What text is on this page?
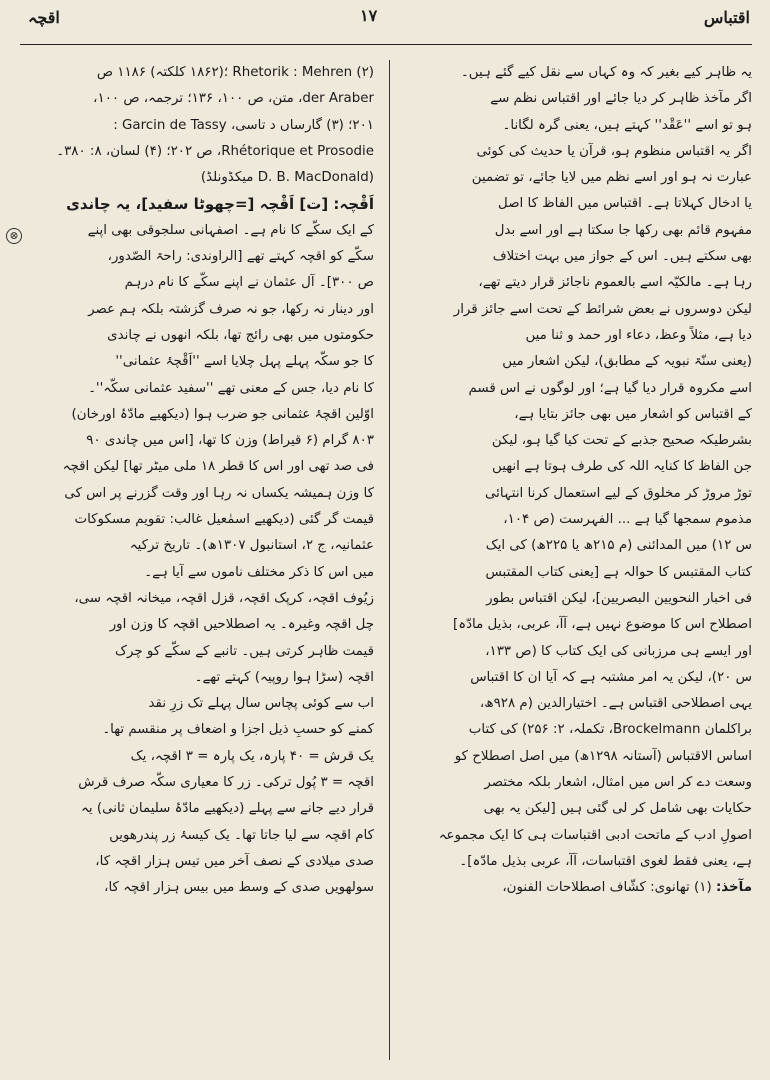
اقچہ	۱۷	اقتباس
⊗
یہ ظاہر کیے بغیر کہ وہ کہاں سے نقل کیے گئے ہیں۔
اگر مآخذ ظاہر کر دیا جائے اور اقتباس نظم سے
ہو تو اسے ''عَقْد'' کہتے ہیں، یعنی گرہ لگانا۔
اگر یہ اقتباس منظوم ہو، قرآن یا حدیث کی کوئی
عبارت نہ ہو اور اسے نظم میں لایا جائے، تو تضمین
یا ادخال کہلاتا ہے۔ اقتباس میں الفاظ کا اصل
مفہوم قائم بھی رکھا جا سکتا ہے اور اسے بدل
بھی سکتے ہیں۔ اس کے جواز میں بہت اختلاف
رہا ہے۔ مالکیّہ اسے بالعموم ناجائز قرار دیتے تھے،
لیکن دوسروں نے بعض شرائط کے تحت اسے جائز قرار
دیا ہے، مثلاً وعظ، دعاء اور حمد و ثنا میں
(یعنی سنّۃ نبویہ کے مطابق)، لیکن اشعار میں
اسے مکروہ قرار دیا گیا ہے؛ اور لوگوں نے اس قسم
کے اقتباس کو اشعار میں بھی جائز بتایا ہے،
بشرطیکہ صحیح جذبے کے تحت کیا گیا ہو، لیکن
جن الفاظ کا کنایہ اللہ کی طرف ہوتا ہے انھیں
توڑ مروڑ کر مخلوق کے لیے استعمال کرنا انتہائی
مذموم سمجھا گیا ہے ... الفہرست (ص ۱۰۴،
س ۱۲) میں المدائنی (م ۲۱۵ھ یا ۲۲۵ھ) کی ایک
کتاب المقتبس کا حوالہ ہے [یعنی کتاب المقتبس
فی اخبار النحویین البصریین]، لیکن اقتباس بطور
اصطلاح اس کا موضوع نہیں ہے، آآ، عربی، بذیل مادّہ]
اور ایسے ہی مرزبانی کی ایک کتاب کا (ص ۱۳۳،
س ۲۰)، لیکن یہ امر مشتبہ ہے کہ آیا ان کا اقتباس
یہی اصطلاحی اقتباس ہے۔ اختیارالدین (م ۹۲۸ھ،
براکلمان Brockelmann، تکملہ، ۲: ۲۵۶) کی کتاب
اساس الاقتباس (آستانہ ۱۲۹۸ھ) میں اصل اصطلاح کو
وسعت دے کر اس میں امثال، اشعار بلکہ مختصر
حکایات بھی شامل کر لی گئی ہیں [لیکن یہ بھی
اصولِ ادب کے ماتحت ادبی اقتباسات ہی کا ایک مجموعہ
ہے، یعنی فقط لغوی اقتباسات، آآ، عربی بذیل مادّہ]۔
مآخذ: (۱) تھانوی: کشّاف اصطلاحات الفنون،
Rhetorik : Mehren (۲) ؛(۱۸۶۲ کلکتہ) ۱۱۸۶ ص
der Araber، متن، ص ۱۰۰، ۱۳۶؛ ترجمہ، ص ۱۰۰،
۲۰۱؛ (۳) گارساں د تاسی، Garcin de Tassy :
Rhétorique et Prosodie، ص ۲۰۲؛ (۴) لسان، ۸: ۳۸۰۔
(D. B. MacDonald میکڈونلڈ)
اَقْچہ: [ت] اَقْچہ [=چھوٹا سفید]، یہ چاندی
کے ایک سکّے کا نام ہے۔ اصفہانی سلجوقی بھی اپنے
سکّے کو اقچہ کہتے تھے [الراوندی: راحۃ الصّدور،
ص ۳۰۰]۔ آل عثمان نے اپنے سکّے کا نام درہم
اور دینار نہ رکھا، جو نہ صرف گزشتہ بلکہ ہم عصر
حکومتوں میں بھی رائج تھا، بلکہ انھوں نے چاندی
کا جو سکّہ پہلے پہل چلایا اسے ''اَقْچۂ عثمانی''
کا نام دیا، جس کے معنی تھے ''سفید عثمانی سکّہ''۔
اوّلین اقچۂ عثمانی جو ضرب ہوا (دیکھیے مادّۂ اورخان)
۸۰۳ گرام (۶ قیراط) وزن کا تھا، [اس میں چاندی ۹۰
فی صد تھی اور اس کا قطر ۱۸ ملی میٹر تھا] لیکن اقچہ
کا وزن ہمیشہ یکساں نہ رہا اور وقت گزرنے پر اس کی
قیمت گر گئی (دیکھیے اسمٰعیل غالب: تقویم مسکوکات
عثمانیہ، ج ۲، استانبول ۱۳۰۷ھ)۔ تاریخ ترکیہ
میں اس کا ذکر مختلف ناموں سے آیا ہے۔
زیُوف اقچہ، کرپک اقچہ، قزل اقچہ، میخانہ اقچہ سی،
چل اقچہ وغیرہ۔ یہ اصطلاحیں اقچہ کا وزن اور
قیمت ظاہر کرتی ہیں۔ تانبے کے سکّے کو چرک
اقچہ (سڑا ہوا روپیہ) کہتے تھے۔
اب سے کوئی پچاس سال پہلے تک زرِ نقد
کمنے کو حسبِ ذیل اجزا و اضعاف پر منقسم تھا۔
یک قرش = ۴۰ پارہ، یک پارہ = ۳ اقچہ، یک
اقچہ = ۳ پُول ترکی۔ زر کا معیاری سکّہ صرف قرش
قرار دیے جانے سے پہلے (دیکھیے مادّۂ سلیمان ثانی) یہ
کام اقچہ سے لیا جاتا تھا۔ یک کیسۂ زر پندرھویں
صدی میلادی کے نصف آخر میں تیس ہزار اقچہ کا،
سولھویں صدی کے وسط میں بیس ہزار اقچہ کا،
